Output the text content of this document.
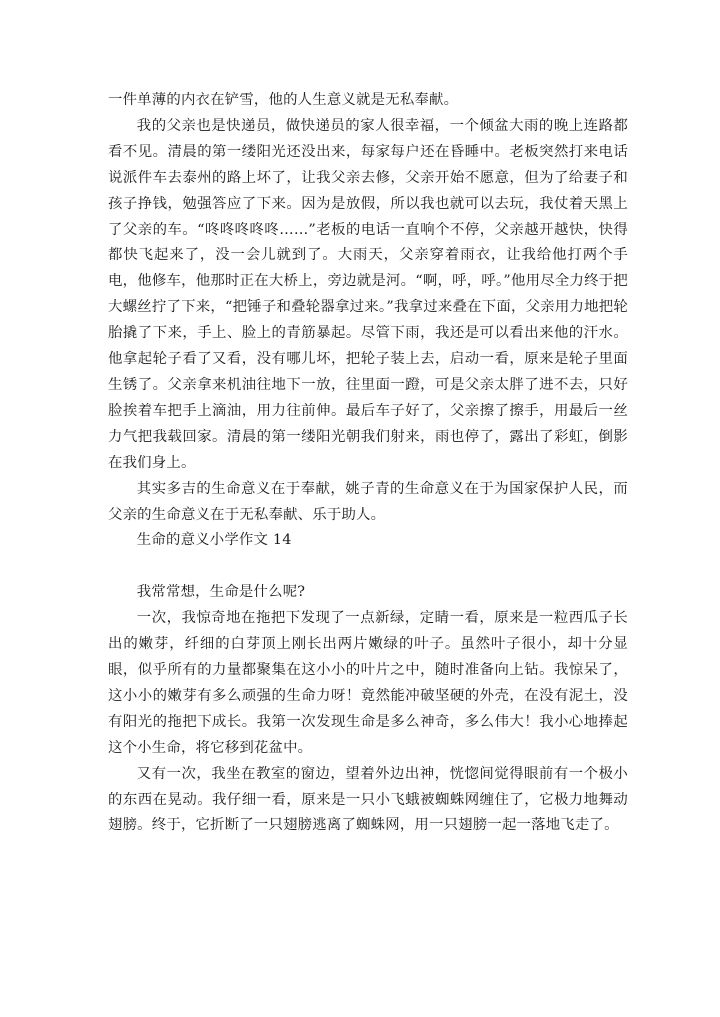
一件单薄的内衣在铲雪，他的人生意义就是无私奉献。

我的父亲也是快递员，做快递员的家人很幸福，一个倾盆大雨的晚上连路都看不见。清晨的第一缕阳光还没出来，每家每户还在昏睡中。老板突然打来电话说派件车去泰州的路上坏了，让我父亲去修，父亲开始不愿意，但为了给妻子和孩子挣钱，勉强答应了下来。因为是放假，所以我也就可以去玩，我仗着天黑上了父亲的车。“咚咚咚咚咚……”老板的电话一直响个不停，父亲越开越快，快得都快飞起来了，没一会儿就到了。大雨天，父亲穿着雨衣，让我给他打两个手电，他修车，他那时正在大桥上，旁边就是河。“啊，呼，呼。”他用尽全力终于把大螺丝拧了下来，“把锤子和叠轮器拿过来。”我拿过来叠在下面，父亲用力地把轮胎撬了下来，手上、脸上的青筋暴起。尽管下雨，我还是可以看出来他的汗水。他拿起轮子看了又看，没有哪儿坏，把轮子装上去，启动一看，原来是轮子里面生锈了。父亲拿来机油往地下一放，往里面一蹬，可是父亲太胖了进不去，只好脸挨着车把手上滴油，用力往前伸。最后车子好了，父亲擦了擦手，用最后一丝力气把我载回家。清晨的第一缕阳光朝我们射来，雨也停了，露出了彩虹，倒影在我们身上。

其实多吉的生命意义在于奉献，姚子青的生命意义在于为国家保护人民，而父亲的生命意义在于无私奉献、乐于助人。

生命的意义小学作文 14

我常常想，生命是什么呢?

一次，我惊奇地在拖把下发现了一点新绿，定睛一看，原来是一粒西瓜子长出的嫩芽，纤细的白芽顶上刚长出两片嫩绿的叶子。虽然叶子很小，却十分显眼，似乎所有的力量都聚集在这小小的叶片之中，随时准备向上钻。我惊呆了，这小小的嫩芽有多么顽强的生命力呀！竟然能冲破坚硬的外壳，在没有泥土，没有阳光的拖把下成长。我第一次发现生命是多么神奇，多么伟大！我小心地捧起这个小生命，将它移到花盆中。

又有一次，我坐在教室的窗边，望着外边出神，恍惚间觉得眼前有一个极小的东西在晃动。我仔细一看，原来是一只小飞蛾被蜘蛛网缠住了，它极力地舞动翅膀。终于，它折断了一只翅膀逃离了蜘蛛网，用一只翅膀一起一落地飞走了。
